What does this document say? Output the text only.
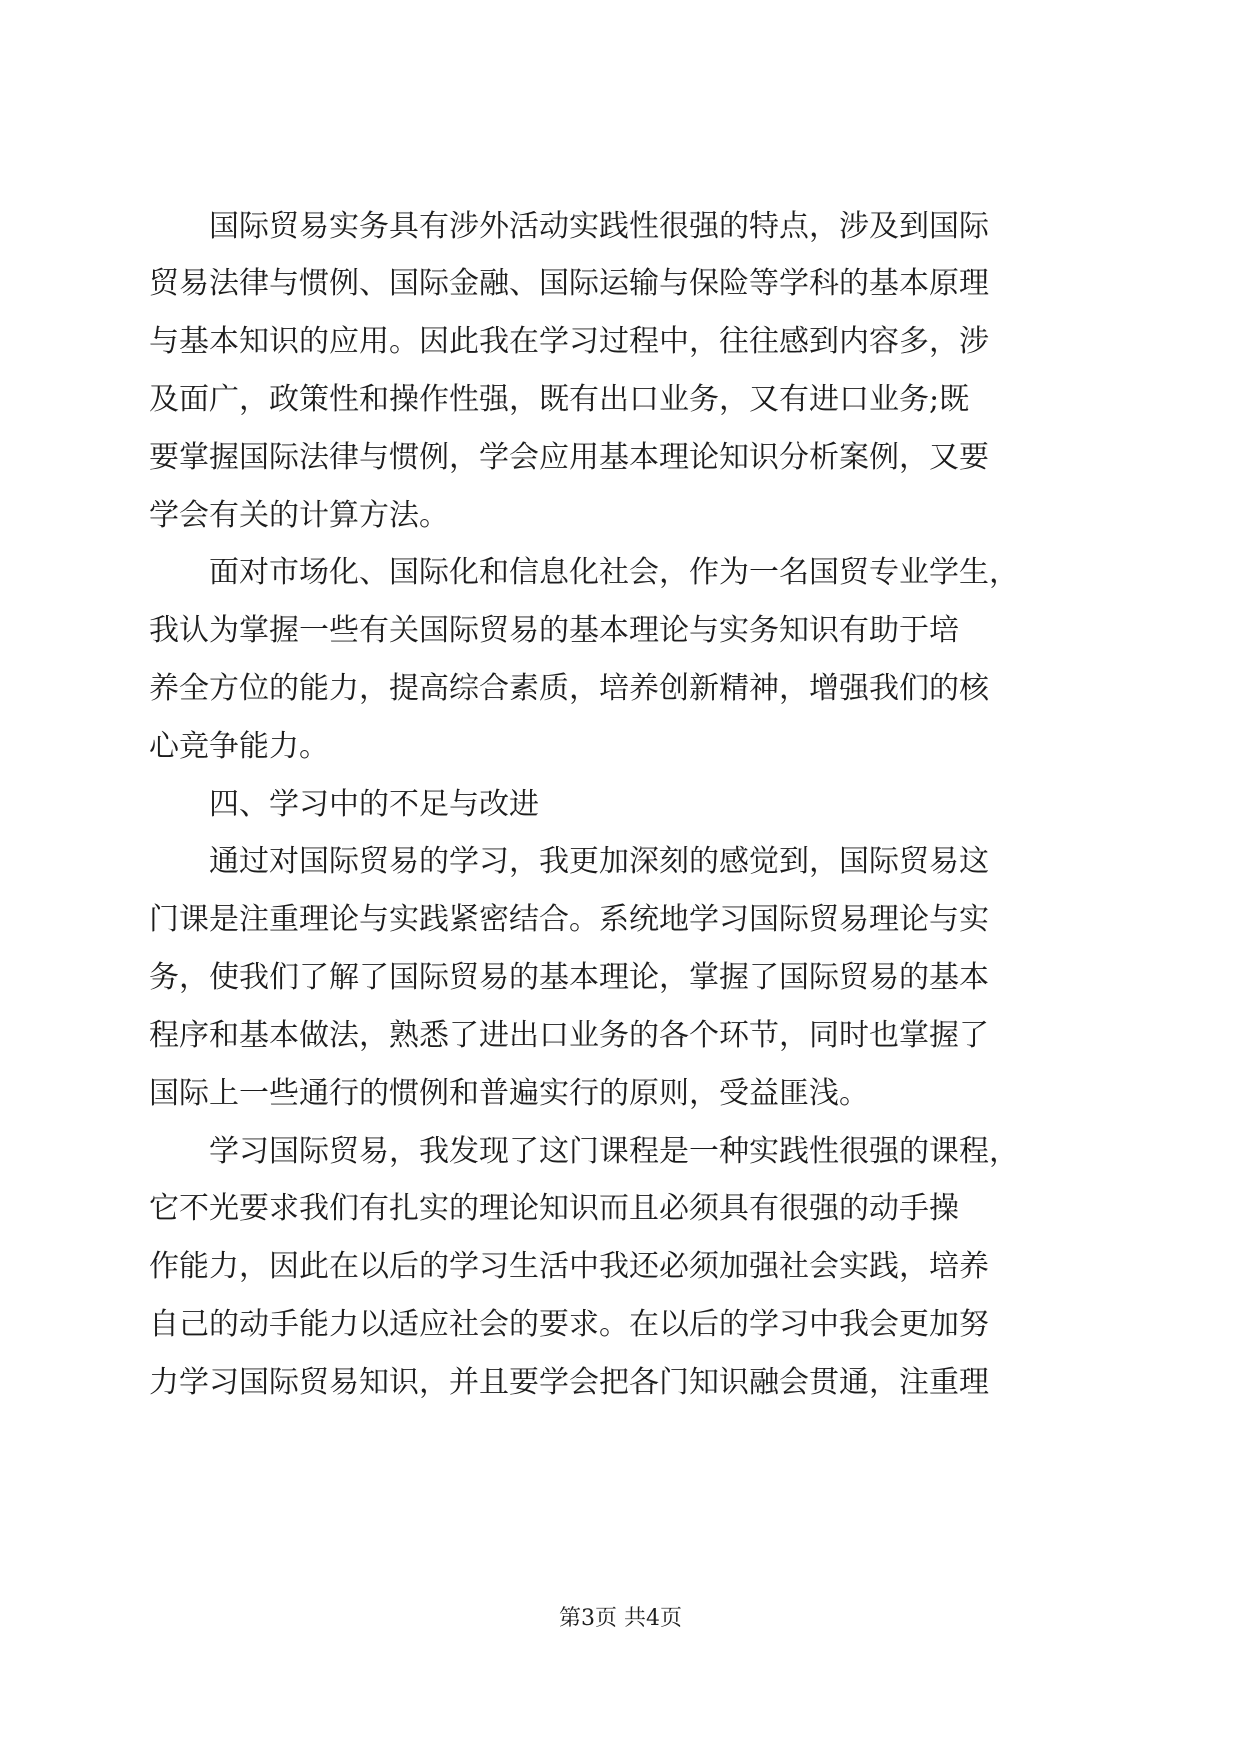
国际贸易实务具有涉外活动实践性很强的特点，涉及到国际
贸易法律与惯例、国际金融、国际运输与保险等学科的基本原理
与基本知识的应用。因此我在学习过程中，往往感到内容多，涉
及面广，政策性和操作性强，既有出口业务，又有进口业务;既
要掌握国际法律与惯例，学会应用基本理论知识分析案例，又要
学会有关的计算方法。
面对市场化、国际化和信息化社会，作为一名国贸专业学生，
我认为掌握一些有关国际贸易的基本理论与实务知识有助于培
养全方位的能力，提高综合素质，培养创新精神，增强我们的核
心竞争能力。
四、学习中的不足与改进
通过对国际贸易的学习，我更加深刻的感觉到，国际贸易这
门课是注重理论与实践紧密结合。系统地学习国际贸易理论与实
务，使我们了解了国际贸易的基本理论，掌握了国际贸易的基本
程序和基本做法，熟悉了进出口业务的各个环节，同时也掌握了
国际上一些通行的惯例和普遍实行的原则，受益匪浅。
学习国际贸易，我发现了这门课程是一种实践性很强的课程，
它不光要求我们有扎实的理论知识而且必须具有很强的动手操
作能力，因此在以后的学习生活中我还必须加强社会实践，培养
自己的动手能力以适应社会的要求。在以后的学习中我会更加努
力学习国际贸易知识，并且要学会把各门知识融会贯通，注重理
第3页 共4页
